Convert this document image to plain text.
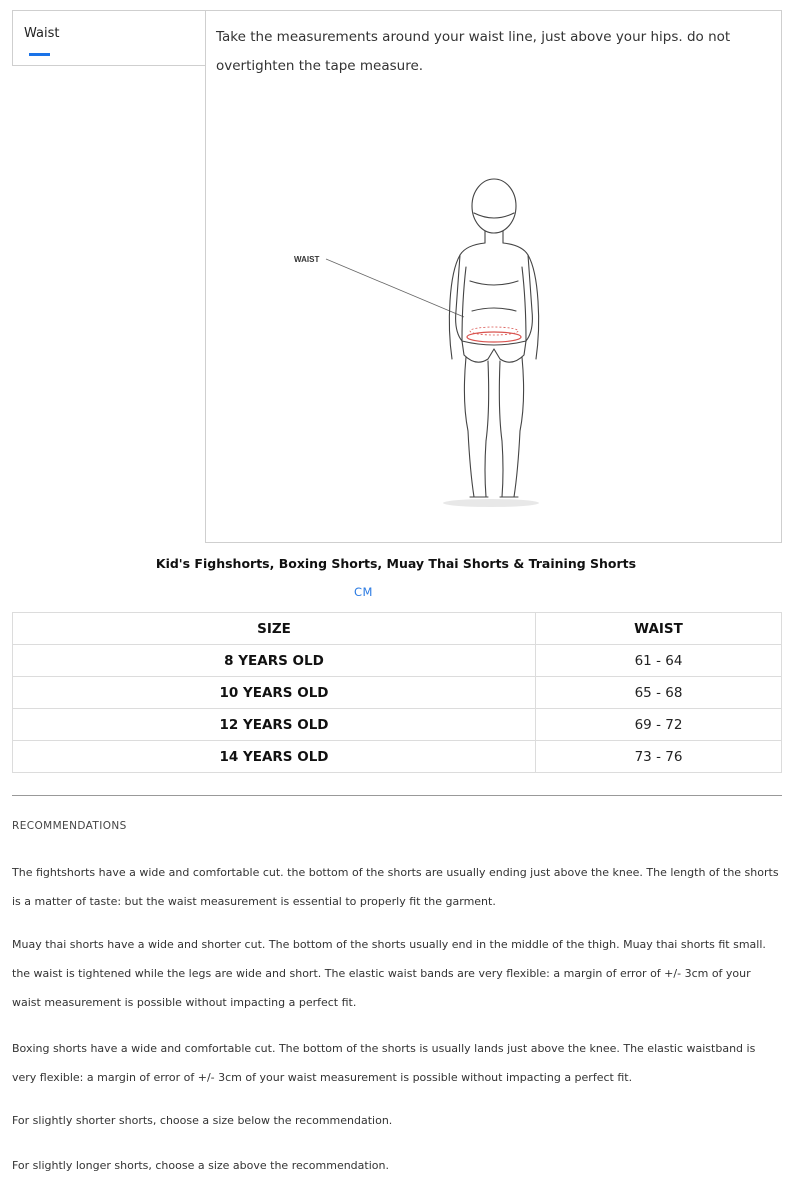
Waist	Take the measurements around your waist line, just above your hips. do not overtighten the tape measure.
WAIST
Kid's Fighshorts, Boxing Shorts, Muay Thai Shorts & Training Shorts
CM
SIZE	WAIST
8 YEARS OLD	61 - 64
10 YEARS OLD	65 - 68
12 YEARS OLD	69 - 72
14 YEARS OLD	73 - 76
RECOMMENDATIONS
The fightshorts have a wide and comfortable cut. the bottom of the shorts are usually ending just above the knee. The length of the shorts is a matter of taste: but the waist measurement is essential to properly fit the garment.
Muay thai shorts have a wide and shorter cut. The bottom of the shorts usually end in the middle of the thigh. Muay thai shorts fit small. the waist is tightened while the legs are wide and short. The elastic waist bands are very flexible: a margin of error of +/- 3cm of your waist measurement is possible without impacting a perfect fit.
Boxing shorts have a wide and comfortable cut. The bottom of the shorts is usually lands just above the knee. The elastic waistband is very flexible: a margin of error of +/- 3cm of your waist measurement is possible without impacting a perfect fit.
For slightly shorter shorts, choose a size below the recommendation.
For slightly longer shorts, choose a size above the recommendation.
